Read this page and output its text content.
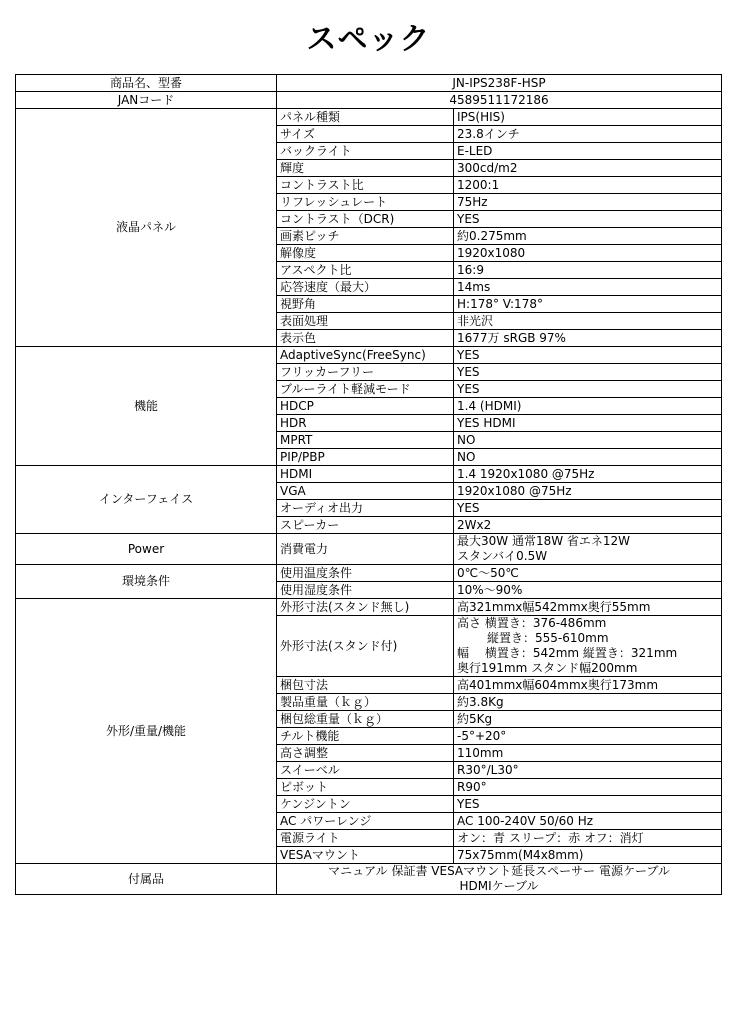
スペック
商品名、型番	JN-IPS238F-HSP	
JANコード	4589511172186	
液晶パネル	パネル種類	IPS(HIS)
	サイズ	23.8インチ
	バックライト	E-LED
	輝度	300cd/m2
	コントラスト比	1200:1
	リフレッシュレート	75Hz
	コントラスト（DCR)	YES
	画素ピッチ	約0.275mm
	解像度	1920x1080
	アスペクト比	16:9
	応答速度（最大）	14ms
	視野角	H:178° V:178°
	表面処理	非光沢
	表示色	1677万 sRGB 97%
機能	AdaptiveSync(FreeSync)	YES
	フリッカーフリー	YES
	ブルーライト軽減モード	YES
	HDCP	1.4 (HDMI)
	HDR	YES HDMI
	MPRT	NO
	PIP/PBP	NO
インターフェイス	HDMI	1.4 1920x1080 @75Hz
	VGA	1920x1080 @75Hz
	オーディオ出力	YES
	スピーカー	2Wx2
Power	消費電力	最大30W 通常18W 省エネ12W
スタンバイ0.5W

環境条件	使用温度条件	0℃～50℃
	使用湿度条件	10%～90%
外形/重量/機能	外形寸法(スタンド無し)	高321mmx幅542mmx奥行55mm
	外形寸法(スタンド付)	高さ 横置き：376-486mm
縦置き：555-610mm
幅　 横置き：542mm 縦置き：321mm
奥行191mm スタンド幅200mm

	梱包寸法	高401mmx幅604mmx奥行173mm
	製品重量（ｋｇ）	約3.8Kg
	梱包総重量（ｋｇ）	約5Kg
	チルト機能	-5°+20°
	高さ調整	110mm
	スイーベル	R30°/L30°
	ピボット	R90°
	ケンジントン	YES
	AC パワーレンジ	AC 100-240V 50/60 Hz
	電源ライト	オン：青 スリープ：赤 オフ：消灯
	VESAマウント	75x75mm(M4x8mm)
付属品	マニュアル 保証書 VESAマウント延長スペーサー 電源ケーブル
HDMIケーブル	
